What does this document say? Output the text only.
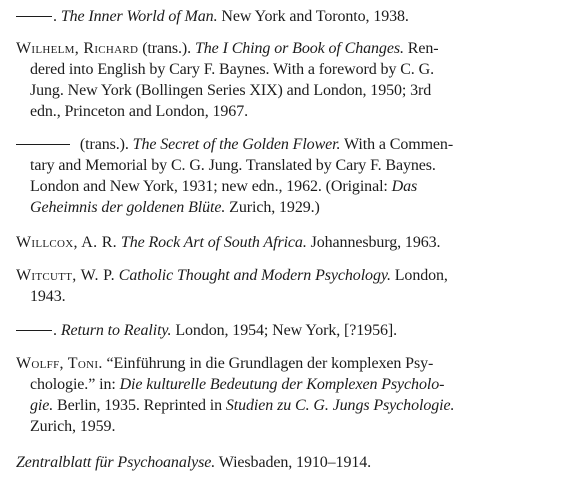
. The Inner World of Man. New York and Toronto, 1938.
Wilhelm, Richard (trans.). The I Ching or Book of Changes. Ren-
dered into English by Cary F. Baynes. With a foreword by C. G.
Jung. New York (Bollingen Series XIX) and London, 1950; 3rd
edn., Princeton and London, 1967.
(trans.). The Secret of the Golden Flower. With a Commen-
tary and Memorial by C. G. Jung. Translated by Cary F. Baynes.
London and New York, 1931; new edn., 1962. (Original: Das
Geheimnis der goldenen Blüte. Zurich, 1929.)
Willcox, A. R. The Rock Art of South Africa. Johannesburg, 1963.
Witcutt, W. P. Catholic Thought and Modern Psychology. London,
1943.
. Return to Reality. London, 1954; New York, [?1956].
Wolff, Toni. “Einführung in die Grundlagen der komplexen Psy-
chologie.” in: Die kulturelle Bedeutung der Komplexen Psycholo-
gie. Berlin, 1935. Reprinted in Studien zu C. G. Jungs Psychologie.
Zurich, 1959.
Zentralblatt für Psychoanalyse. Wiesbaden, 1910–1914.
